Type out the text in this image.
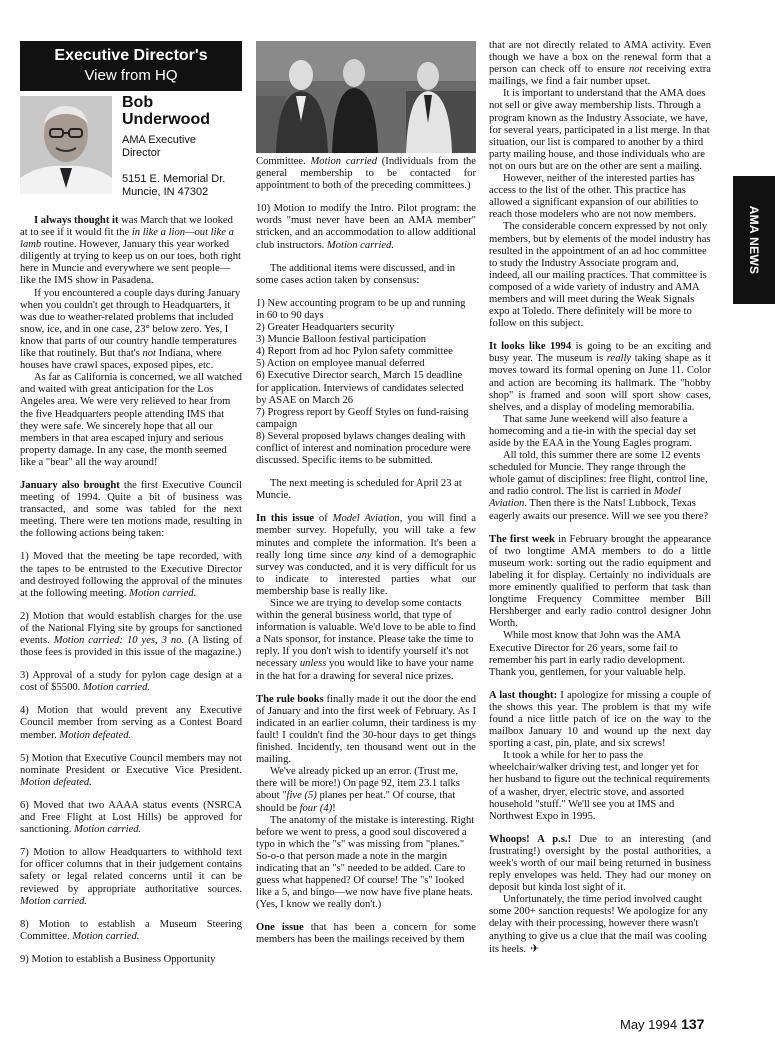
Executive Director's
View from HQ
Bob
Underwood
AMA Executive
Director
5151 E. Memorial Dr.
Muncie, IN 47302
AMA NEWS
I always thought it was March that we looked at to see if it would fit the in like a lion—out like a lamb routine. However, January this year worked diligently at trying to keep us on our toes, both right here in Muncie and everywhere we sent people—like the IMS show in Pasadena.
If you encountered a couple days during January when you couldn't get through to Headquarters, it was due to weather-related problems that included snow, ice, and in one case, 23° below zero. Yes, I know that parts of our country handle temperatures like that routinely. But that's not Indiana, where houses have crawl spaces, exposed pipes, etc.
As far as California is concerned, we all watched and waited with great anticipation for the Los Angeles area. We were very relieved to hear from the five Headquarters people attending IMS that they were safe. We sincerely hope that all our members in that area escaped injury and serious property damage. In any case, the month seemed like a "bear" all the way around!
January also brought the first Executive Council meeting of 1994. Quite a bit of business was transacted, and some was tabled for the next meeting. There were ten motions made, resulting in the following actions being taken:
1) Moved that the meeting be tape recorded, with the tapes to be entrusted to the Executive Director and destroyed following the approval of the minutes at the following meeting. Motion carried.
2) Motion that would establish charges for the use of the National Flying site by groups for sanctioned events. Motion carried: 10 yes, 3 no. (A listing of those fees is provided in this issue of the magazine.)
3) Approval of a study for pylon cage design at a cost of $5500. Motion carried.
4) Motion that would prevent any Executive Council member from serving as a Contest Board member. Motion defeated.
5) Motion that Executive Council members may not nominate President or Executive Vice President. Motion defeated.
6) Moved that two AAAA status events (NSRCA and Free Flight at Lost Hills) be approved for sanctioning. Motion carried.
7) Motion to allow Headquarters to withhold text for officer columns that in their judgement contains safety or legal related concerns until it can be reviewed by appropriate authoritative sources. Motion carried.
8) Motion to establish a Museum Steering Committee. Motion carried.
9) Motion to establish a Business Opportunity
Committee. Motion carried (Individuals from the general membership to be contacted for appointment to both of the preceding committees.)
10) Motion to modify the Intro. Pilot program: the words "must never have been an AMA member" stricken, and an accommodation to allow additional club instructors. Motion carried.
The additional items were discussed, and in some cases action taken by consensus:
1) New accounting program to be up and running in 60 to 90 days
2) Greater Headquarters security
3) Muncie Balloon festival participation
4) Report from ad hoc Pylon safety committee
5) Action on employee manual deferred
6) Executive Director search, March 15 deadline for application. Interviews of candidates selected by ASAE on March 26
7) Progress report by Geoff Styles on fund-raising campaign
8) Several proposed bylaws changes dealing with conflict of interest and nomination procedure were discussed. Specific items to be submitted.
The next meeting is scheduled for April 23 at Muncie.
In this issue of Model Aviation, you will find a member survey. Hopefully, you will take a few minutes and complete the information. It's been a really long time since any kind of a demographic survey was conducted, and it is very difficult for us to indicate to interested parties what our membership base is really like.
Since we are trying to develop some contacts within the general business world, that type of information is valuable. We'd love to be able to find a Nats sponsor, for instance. Please take the time to reply. If you don't wish to identify yourself it's not necessary unless you would like to have your name in the hat for a drawing for several nice prizes.
The rule books finally made it out the door the end of January and into the first week of February. As I indicated in an earlier column, their tardiness is my fault! I couldn't find the 30-hour days to get things finished. Incidently, ten thousand went out in the mailing.
We've already picked up an error. (Trust me, there will be more!) On page 92, item 23.1 talks about "five (5) planes per heat." Of course, that should be four (4)!
The anatomy of the mistake is interesting. Right before we went to press, a good soul discovered a typo in which the "s" was missing from "planes." So-o-o that person made a note in the margin indicating that an "s" needed to be added. Care to guess what happened? Of course! The "s" looked like a 5, and bingo—we now have five plane heats. (Yes, I know we really don't.)
One issue that has been a concern for some members has been the mailings received by them
that are not directly related to AMA activity. Even though we have a box on the renewal form that a person can check off to ensure not receiving extra mailings, we find a fair number upset.
It is important to understand that the AMA does not sell or give away membership lists. Through a program known as the Industry Associate, we have, for several years, participated in a list merge. In that situation, our list is compared to another by a third party mailing house, and those individuals who are not on ours but are on the other are sent a mailing.
However, neither of the interested parties has access to the list of the other. This practice has allowed a significant expansion of our abilities to reach those modelers who are not now members.
The considerable concern expressed by not only members, but by elements of the model industry has resulted in the appointment of an ad hoc committee to study the Industry Associate program and, indeed, all our mailing practices. That committee is composed of a wide variety of industry and AMA members and will meet during the Weak Signals expo at Toledo. There definitely will be more to follow on this subject.
It looks like 1994 is going to be an exciting and busy year. The museum is really taking shape as it moves toward its formal opening on June 11. Color and action are becoming its hallmark. The "hobby shop" is framed and soon will sport show cases, shelves, and a display of modeling memorabilia.
That same June weekend will also feature a homecoming and a tie-in with the special day set aside by the EAA in the Young Eagles program.
All told, this summer there are some 12 events scheduled for Muncie. They range through the whole gamut of disciplines: free flight, control line, and radio control. The list is carried in Model Aviation. Then there is the Nats! Lubbock, Texas eagerly awaits our presence. Will we see you there?
The first week in February brought the appearance of two longtime AMA members to do a little museum work: sorting out the radio equipment and labeling it for display. Certainly no individuals are more eminently qualified to perform that task than longtime Frequency Committee member Bill Hershberger and early radio control designer John Worth.
While most know that John was the AMA Executive Director for 26 years, some fail to remember his part in early radio development. Thank you, gentlemen, for your valuable help.
A last thought: I apologize for missing a couple of the shows this year. The problem is that my wife found a nice little patch of ice on the way to the mailbox January 10 and wound up the next day sporting a cast, pin, plate, and six screws!
It took a while for her to pass the wheelchair/walker driving test, and longer yet for her husband to figure out the technical requirements of a washer, dryer, electric stove, and assorted household "stuff." We'll see you at IMS and Northwest Expo in 1995.
Whoops! A p.s.! Due to an interesting (and frustrating!) oversight by the postal authorities, a week's worth of our mail being returned in business reply envelopes was held. They had our money on deposit but kinda lost sight of it.
Unfortunately, the time period involved caught some 200+ sanction requests! We apologize for any delay with their processing, however there wasn't anything to give us a clue that the mail was cooling its heels. ✈
May 1994 137
